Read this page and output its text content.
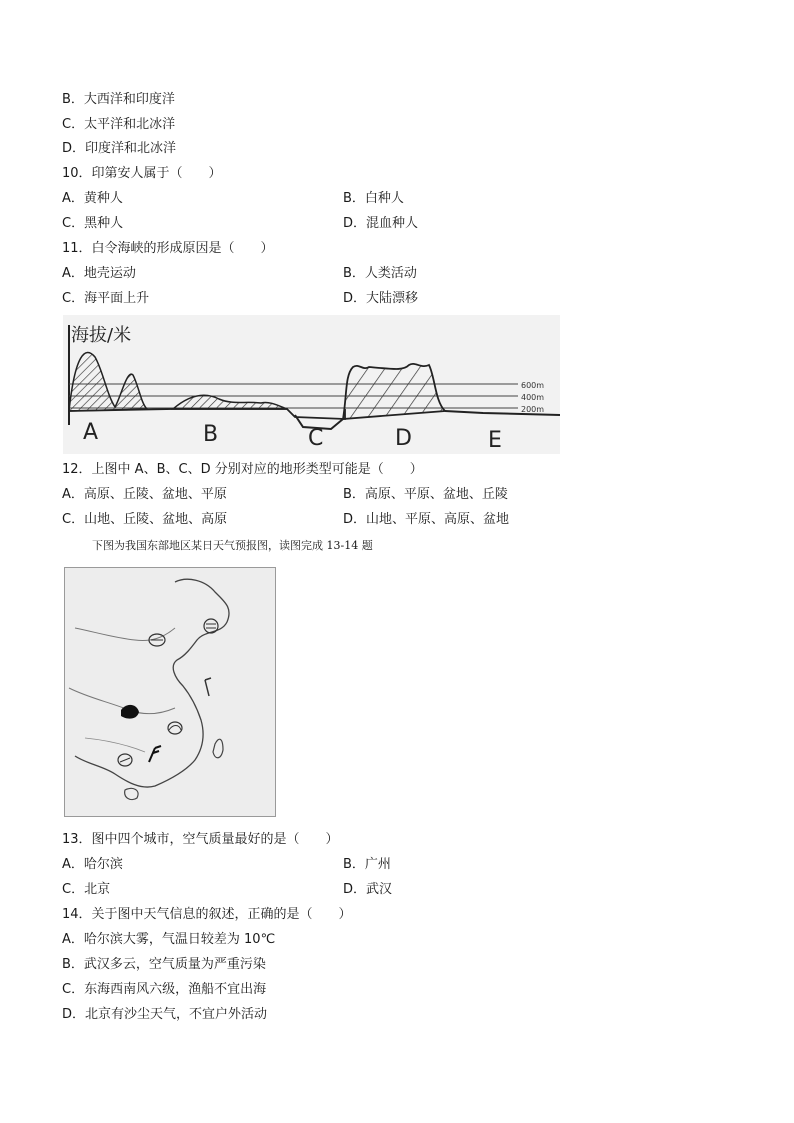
B．大西洋和印度洋
C．太平洋和北冰洋
D．印度洋和北冰洋
10．印第安人属于（　　）
A．黄种人	B．白种人
C．黑种人	D．混血种人
11．白令海峡的形成原因是（　　）
A．地壳运动	B．人类活动
C．海平面上升	D．大陆漂移
海拔/米
600m
400m
200m
A	B	C	D	E
12．上图中 A、B、C、D 分别对应的地形类型可能是（　　）
A．高原、丘陵、盆地、平原	B．高原、平原、盆地、丘陵
C．山地、丘陵、盆地、高原	D．山地、平原、高原、盆地
下图为我国东部地区某日天气预报图，读图完成 13-14 题
13．图中四个城市，空气质量最好的是（　　）
A．哈尔滨	B．广州
C．北京	D．武汉
14．关于图中天气信息的叙述，正确的是（　　）
A．哈尔滨大雾，气温日较差为 10℃
B．武汉多云，空气质量为严重污染
C．东海西南风六级，渔船不宜出海
D．北京有沙尘天气，不宜户外活动
